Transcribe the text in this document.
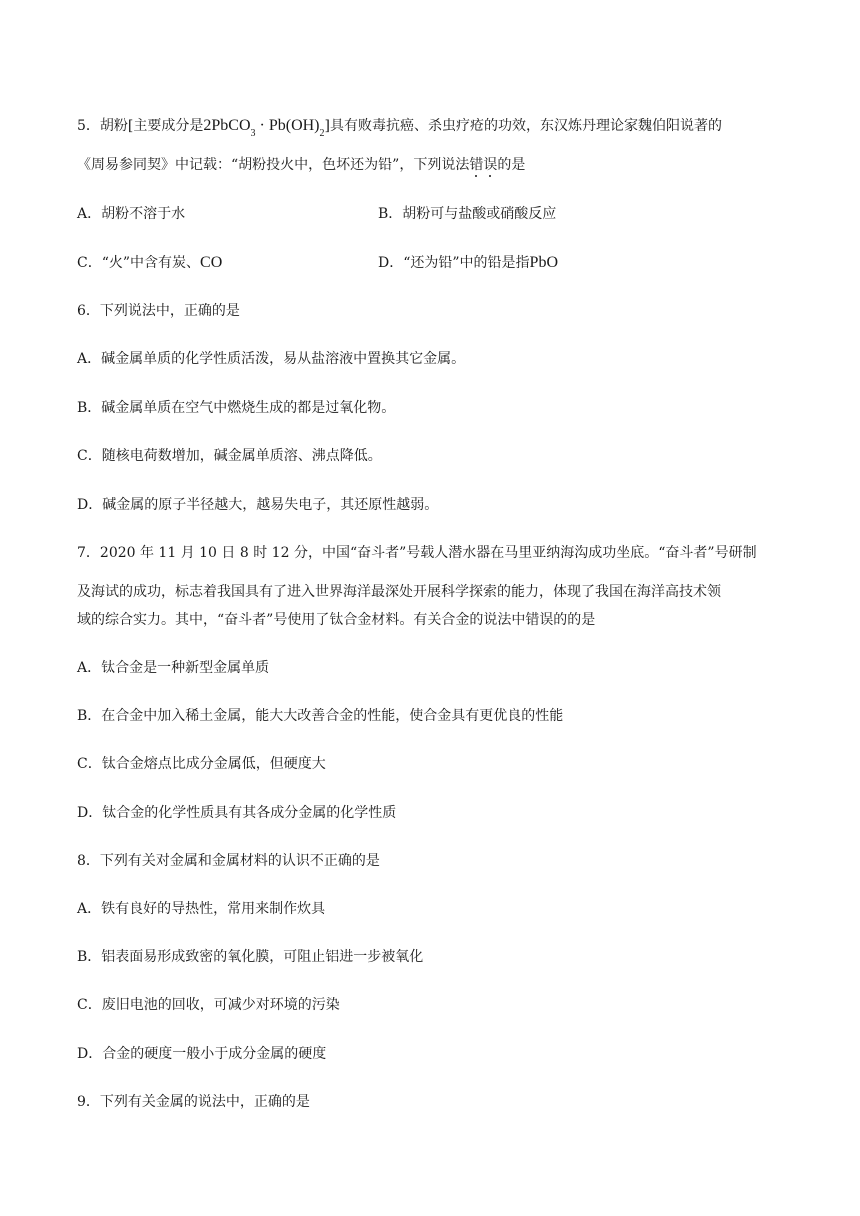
5．胡粉[主要成分是2PbCO$_3$ · $Pb(OH)_2$]具有败毒抗癌、杀虫疗疮的功效，东汉炼丹理论家魏伯阳说著的
《周易参同契》中记载：“胡粉投火中，色坏还为铅”，下列说法错误的是
A．胡粉不溶于水	B．胡粉可与盐酸或硝酸反应
C．“火”中含有炭、CO	D．“还为铅”中的铅是指PbO
6．下列说法中，正确的是
A．碱金属单质的化学性质活泼，易从盐溶液中置换其它金属。
B．碱金属单质在空气中燃烧生成的都是过氧化物。
C．随核电荷数增加，碱金属单质溶、沸点降低。
D．碱金属的原子半径越大，越易失电子，其还原性越弱。
7．2020 年 11 月 10 日 8 时 12 分，中国“奋斗者”号载人潜水器在马里亚纳海沟成功坐底。“奋斗者”号研制
及海试的成功，标志着我国具有了进入世界海洋最深处开展科学探索的能力，体现了我国在海洋高技术领
域的综合实力。其中，“奋斗者”号使用了钛合金材料。有关合金的说法中错误的的是
A．钛合金是一种新型金属单质
B．在合金中加入稀土金属，能大大改善合金的性能，使合金具有更优良的性能
C．钛合金熔点比成分金属低，但硬度大
D．钛合金的化学性质具有其各成分金属的化学性质
8．下列有关对金属和金属材料的认识不正确的是
A．铁有良好的导热性，常用来制作炊具
B．铝表面易形成致密的氧化膜，可阻止铝进一步被氧化
C．废旧电池的回收，可减少对环境的污染
D．合金的硬度一般小于成分金属的硬度
9．下列有关金属的说法中，正确的是
